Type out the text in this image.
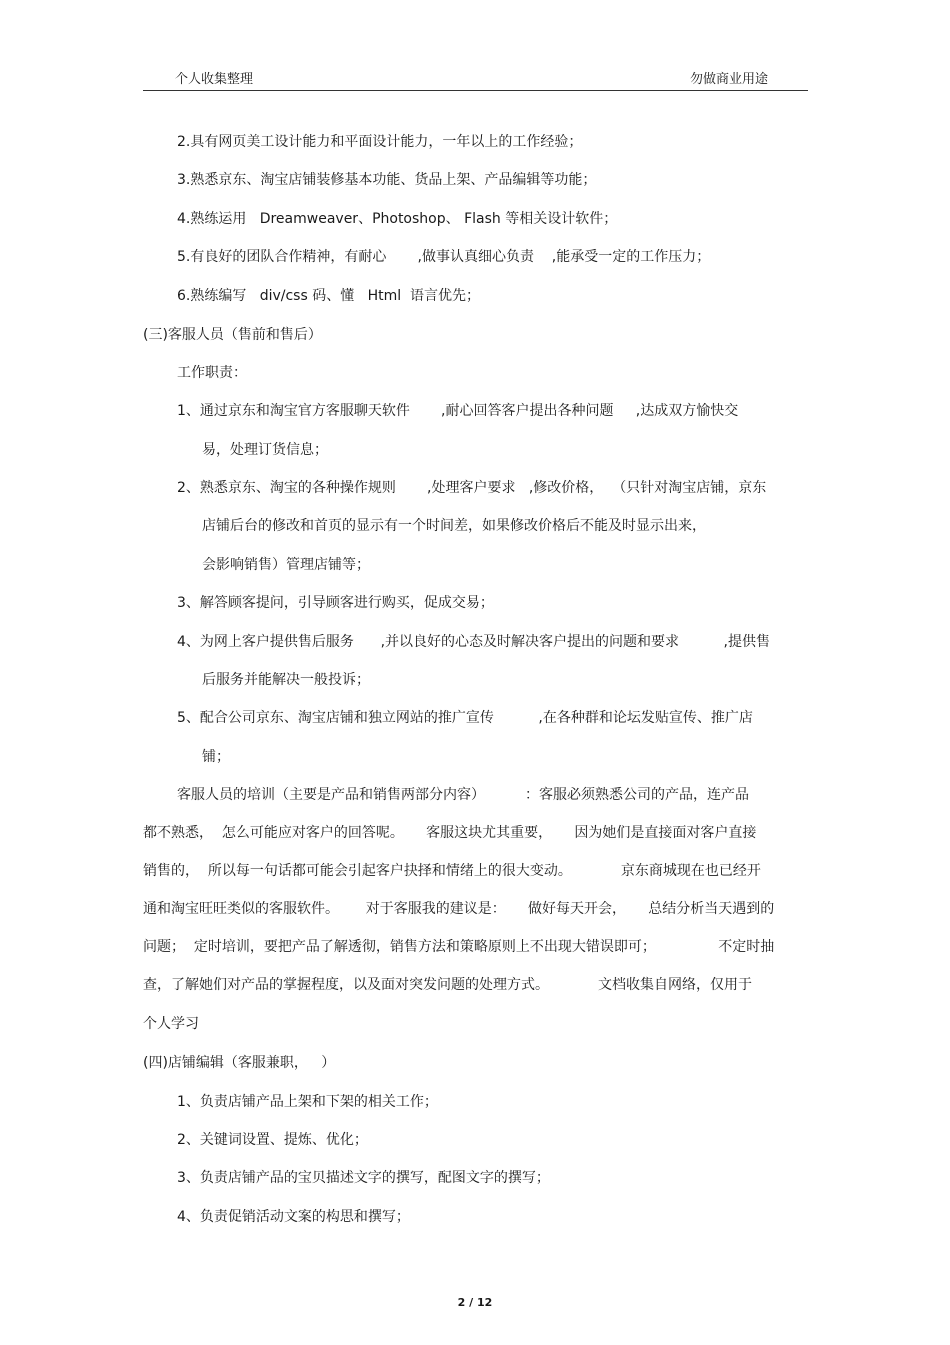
个人收集整理	勿做商业用途
2.具有网页美工设计能力和平面设计能力，一年以上的工作经验；
3.熟悉京东、淘宝店铺装修基本功能、货品上架、产品编辑等功能；
4.熟练运用   Dreamweaver、Photoshop、 Flash 等相关设计软件；
5.有良好的团队合作精神，有耐心       ,做事认真细心负责    ,能承受一定的工作压力；
6.熟练编写   div/css 码、懂   Html  语言优先；
(三)客服人员（售前和售后）
工作职责：
1、通过京东和淘宝官方客服聊天软件       ,耐心回答客户提出各种问题     ,达成双方愉快交
易，处理订货信息；
2、熟悉京东、淘宝的各种操作规则       ,处理客户要求   ,修改价格，  （只针对淘宝店铺，京东
店铺后台的修改和首页的显示有一个时间差，如果修改价格后不能及时显示出来，
会影响销售）管理店铺等；
3、解答顾客提问，引导顾客进行购买，促成交易；
4、为网上客户提供售后服务      ,并以良好的心态及时解决客户提出的问题和要求          ,提供售
后服务并能解决一般投诉；
5、配合公司京东、淘宝店铺和独立网站的推广宣传          ,在各种群和论坛发贴宣传、推广店
铺；
客服人员的培训（主要是产品和销售两部分内容）         ：客服必须熟悉公司的产品，连产品
都不熟悉，  怎么可能应对客户的回答呢。     客服这块尤其重要，     因为她们是直接面对客户直接
销售的，  所以每一句话都可能会引起客户抉择和情绪上的很大变动。           京东商城现在也已经开
通和淘宝旺旺类似的客服软件。      对于客服我的建议是：     做好每天开会，     总结分析当天遇到的
问题；  定时培训，要把产品了解透彻，销售方法和策略原则上不出现大错误即可；              不定时抽
查，了解她们对产品的掌握程度，以及面对突发问题的处理方式。           文档收集自网络，仅用于
个人学习
(四)店铺编辑（客服兼职，   ）
1、负责店铺产品上架和下架的相关工作；
2、关键词设置、提炼、优化；
3、负责店铺产品的宝贝描述文字的撰写，配图文字的撰写；
4、负责促销活动文案的构思和撰写；
2 / 12
